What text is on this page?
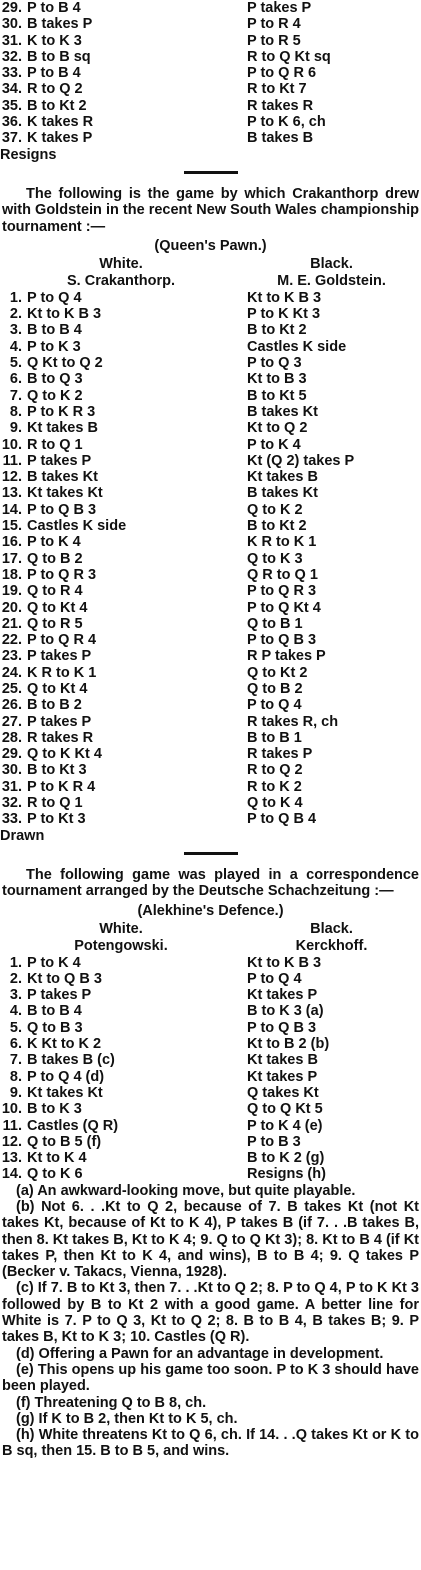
29. P to B 4	P takes P
30. B takes P	P to R 4
31. K to K 3	P to R 5
32. B to B sq	R to Q Kt sq
33. P to B 4	P to Q R 6
34. R to Q 2	R to Kt 7
35. B to Kt 2	R takes R
36. K takes R	P to K 6, ch
37. K takes P	B takes B
Resigns

The following is the game by which Crakanthorp drew with Goldstein in the recent New South Wales championship tournament :—

(Queen's Pawn.)
White.	Black.
S. Crakanthorp.	M. E. Goldstein.
1. P to Q 4	Kt to K B 3
2. Kt to K B 3	P to K Kt 3
3. B to B 4	B to Kt 2
4. P to K 3	Castles K side
5. Q Kt to Q 2	P to Q 3
6. B to Q 3	Kt to B 3
7. Q to K 2	B to Kt 5
8. P to K R 3	B takes Kt
9. Kt takes B	Kt to Q 2
10. R to Q 1	P to K 4
11. P takes P	Kt (Q 2) takes P
12. B takes Kt	Kt takes B
13. Kt takes Kt	B takes Kt
14. P to Q B 3	Q to K 2
15. Castles K side	B to Kt 2
16. P to K 4	K R to K 1
17. Q to B 2	Q to K 3
18. P to Q R 3	Q R to Q 1
19. Q to R 4	P to Q R 3
20. Q to Kt 4	P to Q Kt 4
21. Q to R 5	Q to B 1
22. P to Q R 4	P to Q B 3
23. P takes P	R P takes P
24. K R to K 1	Q to Kt 2
25. Q to Kt 4	Q to B 2
26. B to B 2	P to Q 4
27. P takes P	R takes R, ch
28. R takes R	B to B 1
29. Q to K Kt 4	R takes P
30. B to Kt 3	R to Q 2
31. P to K R 4	R to K 2
32. R to Q 1	Q to K 4
33. P to Kt 3	P to Q B 4
Drawn

The following game was played in a correspondence tournament arranged by the Deutsche Schachzeitung :—

(Alekhine's Defence.)
White.	Black.
Potengowski.	Kerckhoff.
1. P to K 4	Kt to K B 3
2. Kt to Q B 3	P to Q 4
3. P takes P	Kt takes P
4. B to B 4	B to K 3 (a)
5. Q to B 3	P to Q B 3
6. K Kt to K 2	Kt to B 2 (b)
7. B takes B (c)	Kt takes B
8. P to Q 4 (d)	Kt takes P
9. Kt takes Kt	Q takes Kt
10. B to K 3	Q to Q Kt 5
11. Castles (Q R)	P to K 4 (e)
12. Q to B 5 (f)	P to B 3
13. Kt to K 4	B to K 2 (g)
14. Q to K 6	Resigns (h)

(a) An awkward-looking move, but quite playable.

(b) Not 6. . .Kt to Q 2, because of 7. B takes Kt (not Kt takes Kt, because of Kt to K 4), P takes B (if 7. . .B takes B, then 8. Kt takes B, Kt to K 4; 9. Q to Q Kt 3); 8. Kt to B 4 (if Kt takes P, then Kt to K 4, and wins), B to B 4; 9. Q takes P (Becker v. Takacs, Vienna, 1928).

(c) If 7. B to Kt 3, then 7. . .Kt to Q 2; 8. P to Q 4, P to K Kt 3 followed by B to Kt 2 with a good game. A better line for White is 7. P to Q 3, Kt to Q 2; 8. B to B 4, B takes B; 9. P takes B, Kt to K 3; 10. Castles (Q R).

(d) Offering a Pawn for an advantage in development.

(e) This opens up his game too soon. P to K 3 should have been played.

(f) Threatening Q to B 8, ch.

(g) If K to B 2, then Kt to K 5, ch.

(h) White threatens Kt to Q 6, ch. If 14. . .Q takes Kt or K to B sq, then 15. B to B 5, and wins.
